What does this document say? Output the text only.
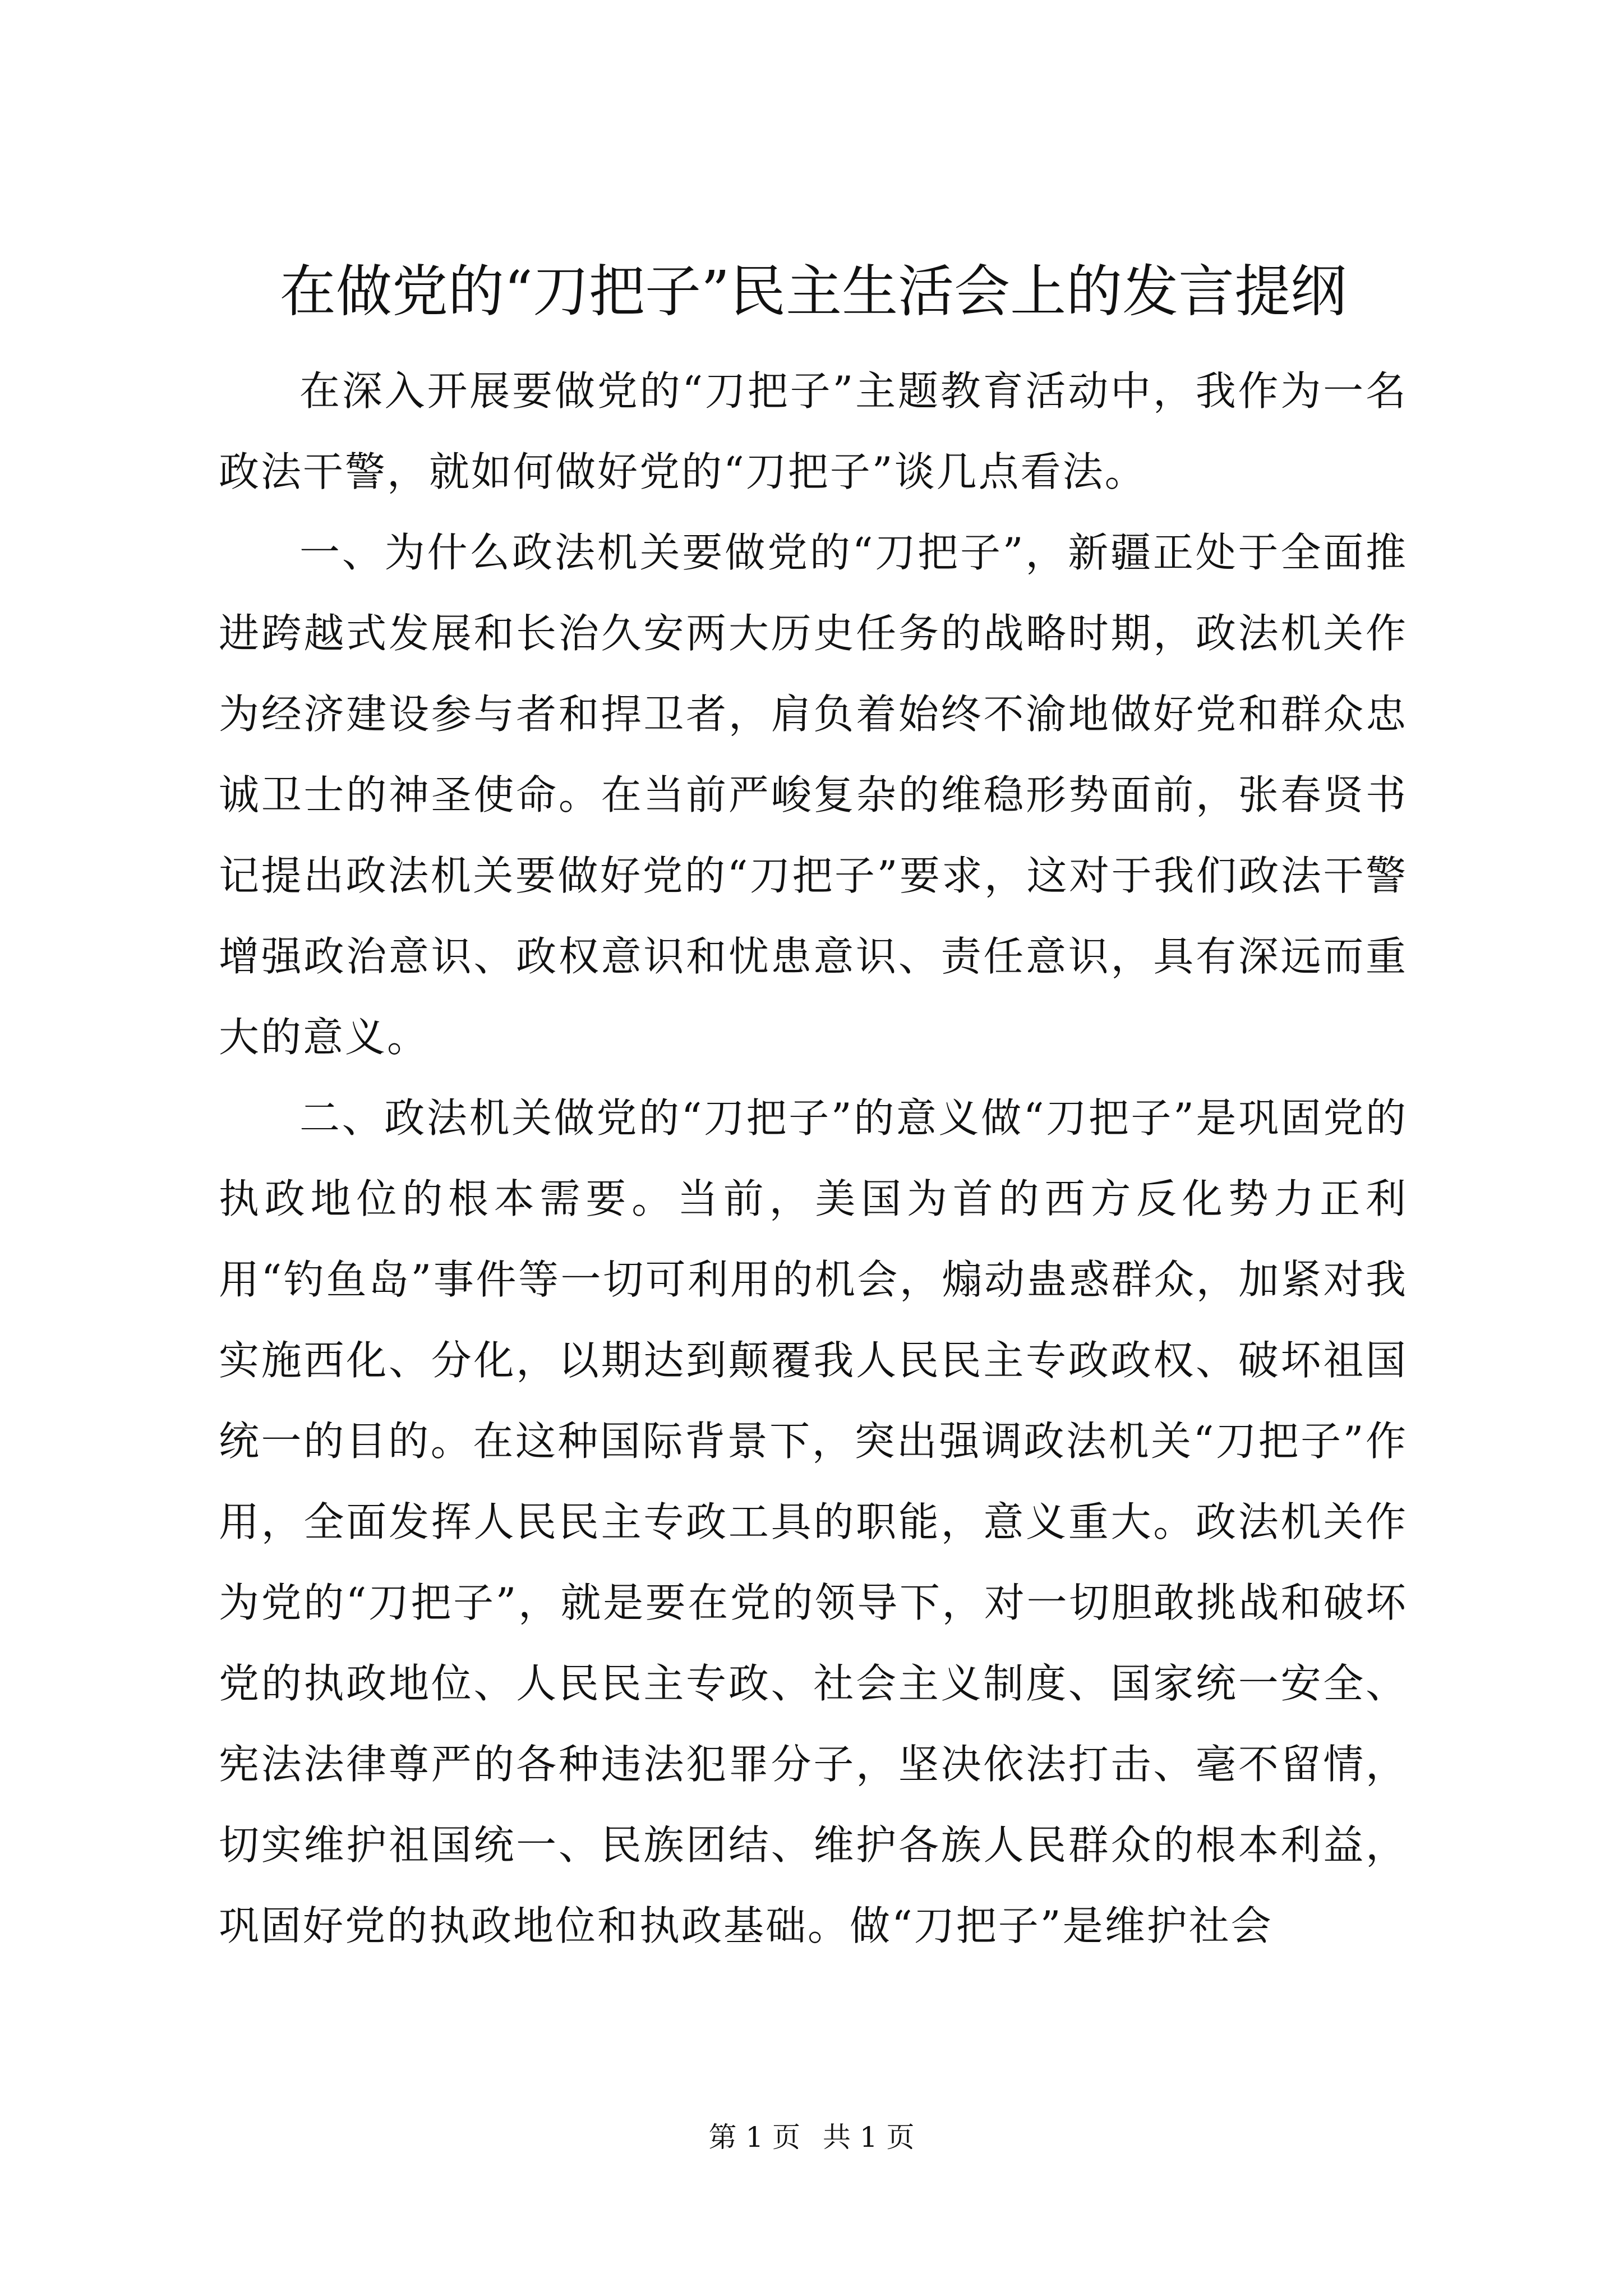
在做党的“刀把子”民主生活会上的发言提纲

在深入开展要做党的“刀把子”主题教育活动中，我作为一名政法干警，就如何做好党的“刀把子”谈几点看法。

一、为什么政法机关要做党的“刀把子”，新疆正处于全面推进跨越式发展和长治久安两大历史任务的战略时期，政法机关作为经济建设参与者和捍卫者，肩负着始终不渝地做好党和群众忠诚卫士的神圣使命。在当前严峻复杂的维稳形势面前，张春贤书记提出政法机关要做好党的“刀把子”要求，这对于我们政法干警增强政治意识、政权意识和忧患意识、责任意识，具有深远而重大的意义。

二、政法机关做党的“刀把子”的意义做“刀把子”是巩固党的执政地位的根本需要。当前，美国为首的西方反化势力正利用“钓鱼岛”事件等一切可利用的机会，煽动蛊惑群众，加紧对我实施西化、分化，以期达到颠覆我人民民主专政政权、破坏祖国统一的目的。在这种国际背景下，突出强调政法机关“刀把子”作用，全面发挥人民民主专政工具的职能，意义重大。政法机关作为党的“刀把子”，就是要在党的领导下，对一切胆敢挑战和破坏党的执政地位、人民民主专政、社会主义制度、国家统一安全、宪法法律尊严的各种违法犯罪分子，坚决依法打击、毫不留情，切实维护祖国统一、民族团结、维护各族人民群众的根本利益，巩固好党的执政地位和执政基础。做“刀把子”是维护社会

第 1 页 共 1 页
